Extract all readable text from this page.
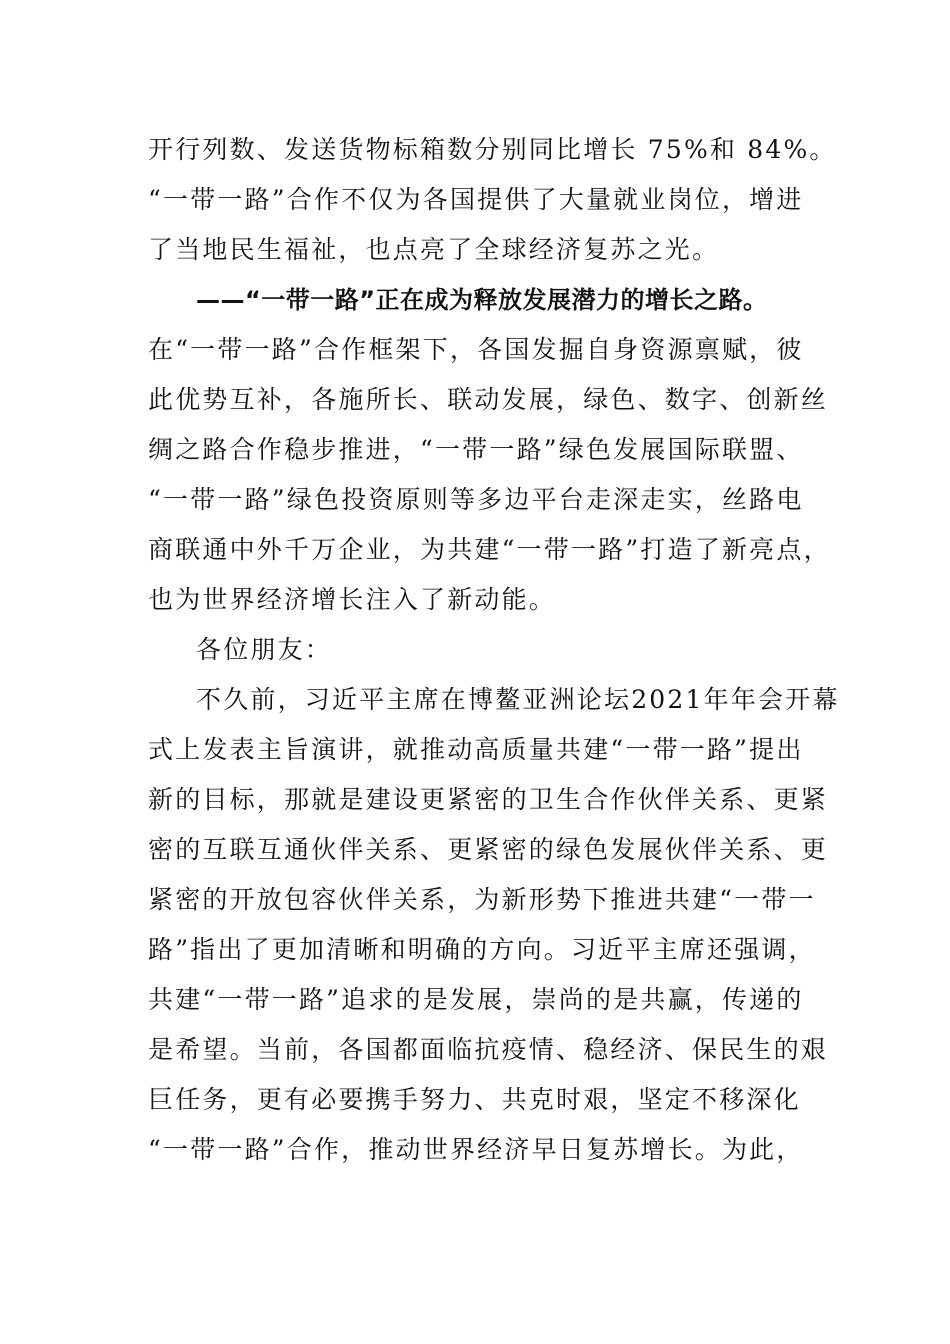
开行列数、发送货物标箱数分别同比增长 75%和 84%。
“一带一路”合作不仅为各国提供了大量就业岗位，增进
了当地民生福祉，也点亮了全球经济复苏之光。
——“一带一路”正在成为释放发展潜力的增长之路。
在“一带一路”合作框架下，各国发掘自身资源禀赋，彼
此优势互补，各施所长、联动发展，绿色、数字、创新丝
绸之路合作稳步推进，“一带一路”绿色发展国际联盟、
“一带一路”绿色投资原则等多边平台走深走实，丝路电
商联通中外千万企业，为共建“一带一路”打造了新亮点，
也为世界经济增长注入了新动能。
各位朋友：
不久前，习近平主席在博鳌亚洲论坛2021年年会开幕
式上发表主旨演讲，就推动高质量共建“一带一路”提出
新的目标，那就是建设更紧密的卫生合作伙伴关系、更紧
密的互联互通伙伴关系、更紧密的绿色发展伙伴关系、更
紧密的开放包容伙伴关系，为新形势下推进共建“一带一
路”指出了更加清晰和明确的方向。习近平主席还强调，
共建“一带一路”追求的是发展，崇尚的是共赢，传递的
是希望。当前，各国都面临抗疫情、稳经济、保民生的艰
巨任务，更有必要携手努力、共克时艰，坚定不移深化
“一带一路”合作，推动世界经济早日复苏增长。为此，
